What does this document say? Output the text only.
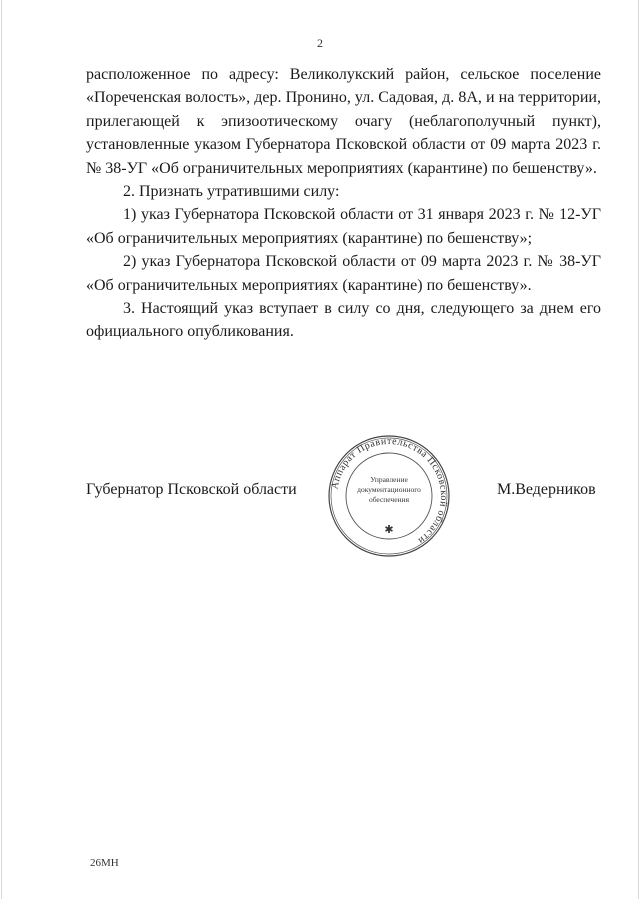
2

расположенное по адресу: Великолукский район, сельское поселение «Пореченская волость», дер. Пронино, ул. Садовая, д. 8А, и на территории, прилегающей к эпизоотическому очагу (неблагополучный пункт), установленные указом Губернатора Псковской области от 09 марта 2023 г. № 38-УГ «Об ограничительных мероприятиях (карантине) по бешенству».

2. Признать утратившими силу:

1) указ Губернатора Псковской области от 31 января 2023 г. № 12-УГ «Об ограничительных мероприятиях (карантине) по бешенству»;

2) указ Губернатора Псковской области от 09 марта 2023 г. № 38-УГ «Об ограничительных мероприятиях (карантине) по бешенству».

3. Настоящий указ вступает в силу со дня, следующего за днем его официального опубликования.

Губернатор Псковской области	Аппарат Правительства Псковской области
Управление
документационного
обеспечения
✱
М.Ведерников
26МН
